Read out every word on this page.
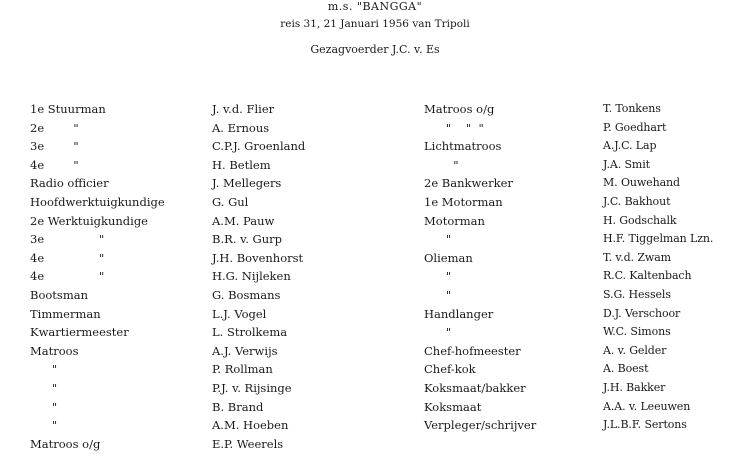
m.s. "BANGGA"
reis 31, 21 Januari 1956 van Tripoli
Gezagvoerder J.C. v. Es
1e Stuurman
2e        "
3e        "
4e        "
Radio officier
Hoofdwerktuigkundige
2e Werktuigkundige
3e               "
4e               "
4e               "
Bootsman
Timmerman
Kwartiermeester
Matroos
"
"
"
"
Matroos o/g
J. v.d. Flier
A. Ernous
C.P.J. Groenland
H. Betlem
J. Mellegers
G. Gul
A.M. Pauw
B.R. v. Gurp
J.H. Bovenhorst
H.G. Nijleken
G. Bosmans
L.J. Vogel
L. Strolkema
A.J. Verwijs
P. Rollman
P.J. v. Rijsinge
B. Brand
A.M. Hoeben
E.P. Weerels
Matroos o/g
"    "  "
Lichtmatroos
"
2e Bankwerker
1e Motorman
Motorman
"
Olieman
"
"
Handlanger
"
Chef-hofmeester
Chef-kok
Koksmaat/bakker
Koksmaat
Verpleger/schrijver
T. Tonkens
P. Goedhart
A.J.C. Lap
J.A. Smit
M. Ouwehand
J.C. Bakhout
H. Godschalk
H.F. Tiggelman Lzn.
T. v.d. Zwam
R.C. Kaltenbach
S.G. Hessels
D.J. Verschoor
W.C. Simons
A. v. Gelder
A. Boest
J.H. Bakker
A.A. v. Leeuwen
J.L.B.F. Sertons
